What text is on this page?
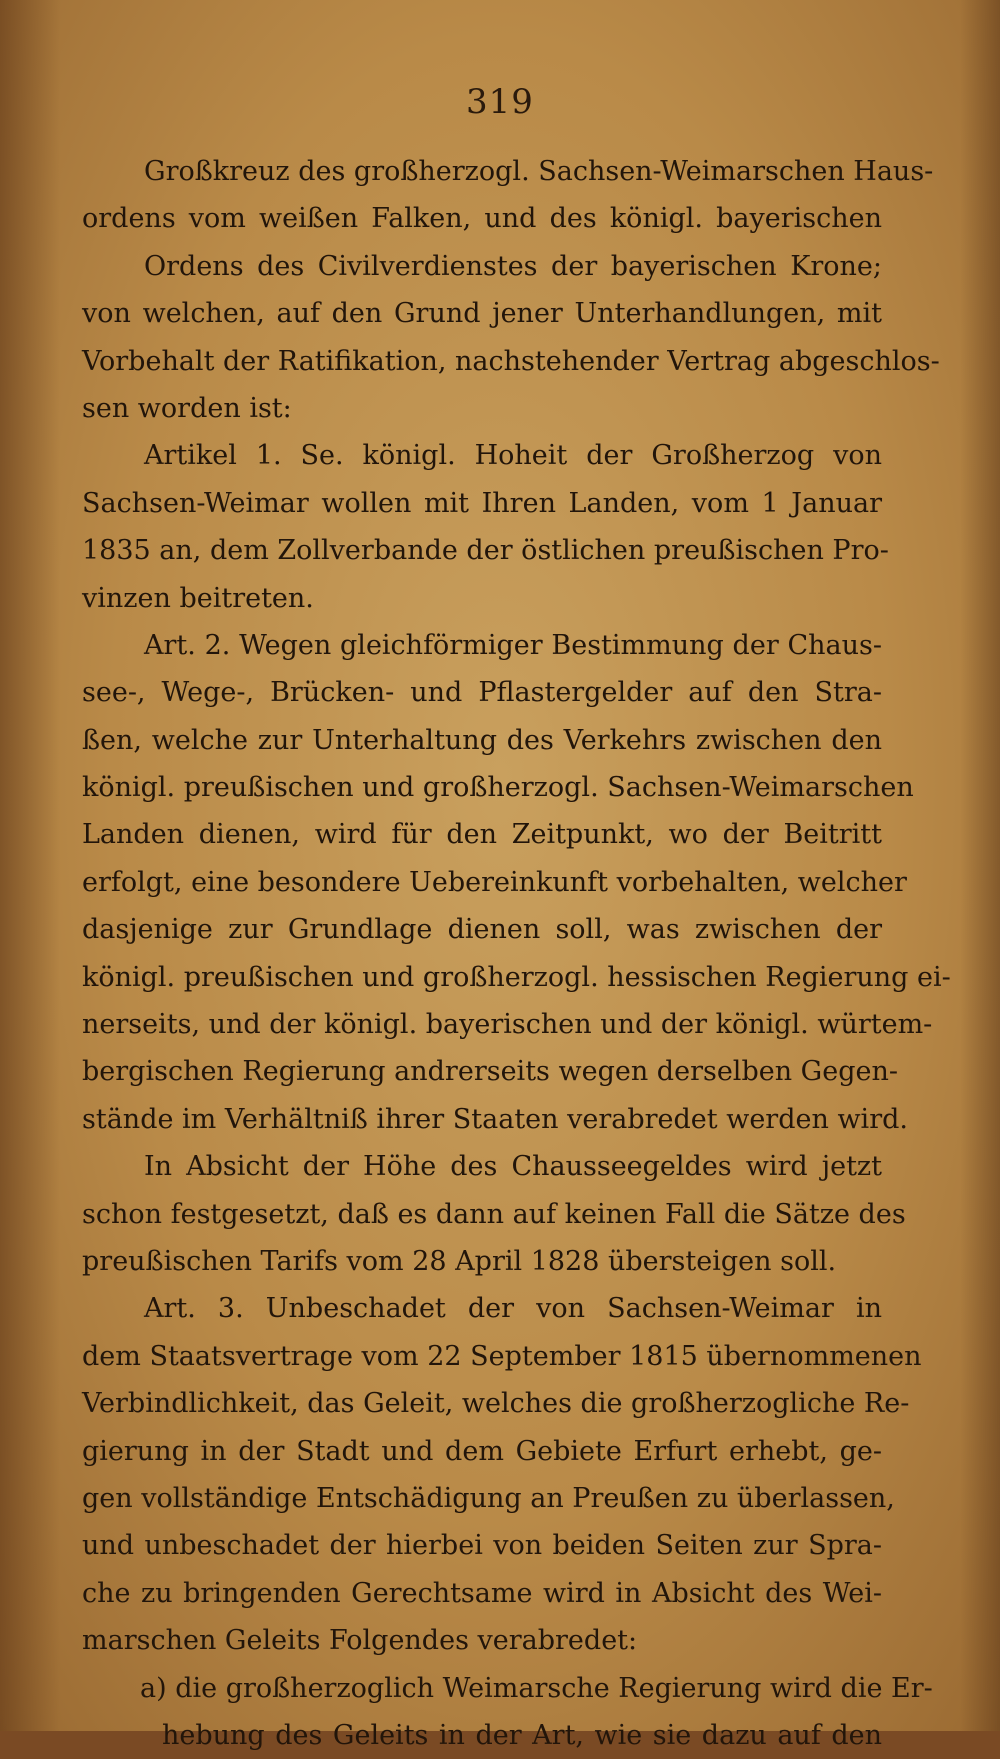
319
Großkreuz des großherzogl. Sachsen-Weimarschen Haus-
ordens vom weißen Falken, und des königl. bayerischen
Ordens des Civilverdienstes der bayerischen Krone;
von welchen, auf den Grund jener Unterhandlungen, mit
Vorbehalt der Ratifikation, nachstehender Vertrag abgeschlos-
sen worden ist:
Artikel 1. Se. königl. Hoheit der Großherzog von
Sachsen-Weimar wollen mit Ihren Landen, vom 1 Januar
1835 an, dem Zollverbande der östlichen preußischen Pro-
vinzen beitreten.
Art. 2. Wegen gleichförmiger Bestimmung der Chaus-
see-, Wege-, Brücken- und Pflastergelder auf den Stra-
ßen, welche zur Unterhaltung des Verkehrs zwischen den
königl. preußischen und großherzogl. Sachsen-Weimarschen
Landen dienen, wird für den Zeitpunkt, wo der Beitritt
erfolgt, eine besondere Uebereinkunft vorbehalten, welcher
dasjenige zur Grundlage dienen soll, was zwischen der
königl. preußischen und großherzogl. hessischen Regierung ei-
nerseits, und der königl. bayerischen und der königl. würtem-
bergischen Regierung andrerseits wegen derselben Gegen-
stände im Verhältniß ihrer Staaten verabredet werden wird.
In Absicht der Höhe des Chausseegeldes wird jetzt
schon festgesetzt, daß es dann auf keinen Fall die Sätze des
preußischen Tarifs vom 28 April 1828 übersteigen soll.
Art. 3. Unbeschadet der von Sachsen-Weimar in
dem Staatsvertrage vom 22 September 1815 übernommenen
Verbindlichkeit, das Geleit, welches die großherzogliche Re-
gierung in der Stadt und dem Gebiete Erfurt erhebt, ge-
gen vollständige Entschädigung an Preußen zu überlassen,
und unbeschadet der hierbei von beiden Seiten zur Spra-
che zu bringenden Gerechtsame wird in Absicht des Wei-
marschen Geleits Folgendes verabredet:
a) die großherzoglich Weimarsche Regierung wird die Er-
hebung des Geleits in der Art, wie sie dazu auf den
